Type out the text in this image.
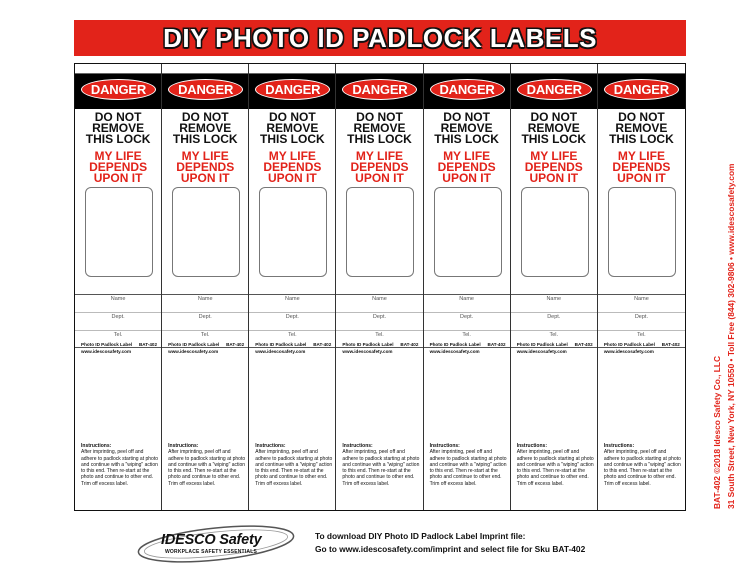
DIY PHOTO ID PADLOCK LABELS
DANGER
DO NOT
REMOVE
THIS LOCK
MY LIFE
DEPENDS
UPON IT
Name
Dept.
Tel.
Photo ID Padlock Label BAT-402
www.idescosafety.com
Instructions:
After imprinting, peel off and adhere to padlock starting at photo and continue with a "wiping" action to this end. Then re-start at the photo and continue to other end. Trim off excess label.
DANGER
DO NOT
REMOVE
THIS LOCK
MY LIFE
DEPENDS
UPON IT
Name
Dept.
Tel.
Photo ID Padlock Label BAT-402
www.idescosafety.com
Instructions:
After imprinting, peel off and adhere to padlock starting at photo and continue with a "wiping" action to this end. Then re-start at the photo and continue to other end. Trim off excess label.
DANGER
DO NOT
REMOVE
THIS LOCK
MY LIFE
DEPENDS
UPON IT
Name
Dept.
Tel.
Photo ID Padlock Label BAT-402
www.idescosafety.com
Instructions:
After imprinting, peel off and adhere to padlock starting at photo and continue with a "wiping" action to this end. Then re-start at the photo and continue to other end. Trim off excess label.
DANGER
DO NOT
REMOVE
THIS LOCK
MY LIFE
DEPENDS
UPON IT
Name
Dept.
Tel.
Photo ID Padlock Label BAT-402
www.idescosafety.com
Instructions:
After imprinting, peel off and adhere to padlock starting at photo and continue with a "wiping" action to this end. Then re-start at the photo and continue to other end. Trim off excess label.
DANGER
DO NOT
REMOVE
THIS LOCK
MY LIFE
DEPENDS
UPON IT
Name
Dept.
Tel.
Photo ID Padlock Label BAT-402
www.idescosafety.com
Instructions:
After imprinting, peel off and adhere to padlock starting at photo and continue with a "wiping" action to this end. Then re-start at the photo and continue to other end. Trim off excess label.
DANGER
DO NOT
REMOVE
THIS LOCK
MY LIFE
DEPENDS
UPON IT
Name
Dept.
Tel.
Photo ID Padlock Label BAT-402
www.idescosafety.com
Instructions:
After imprinting, peel off and adhere to padlock starting at photo and continue with a "wiping" action to this end. Then re-start at the photo and continue to other end. Trim off excess label.
DANGER
DO NOT
REMOVE
THIS LOCK
MY LIFE
DEPENDS
UPON IT
Name
Dept.
Tel.
Photo ID Padlock Label BAT-402
www.idescosafety.com
Instructions:
After imprinting, peel off and adhere to padlock starting at photo and continue with a "wiping" action to this end. Then re-start at the photo and continue to other end. Trim off excess label.
IDESCO Safety
WORKPLACE SAFETY ESSENTIALS
To download DIY Photo ID Padlock Label Imprint file:
Go to www.idescosafety.com/imprint and select file for Sku BAT-402
BAT-402 ©2018 Idesco Safety Co., LLC 31 South Street, New York, NY 10550 • Toll Free (844) 302-9806 • www.idescosafety.com
